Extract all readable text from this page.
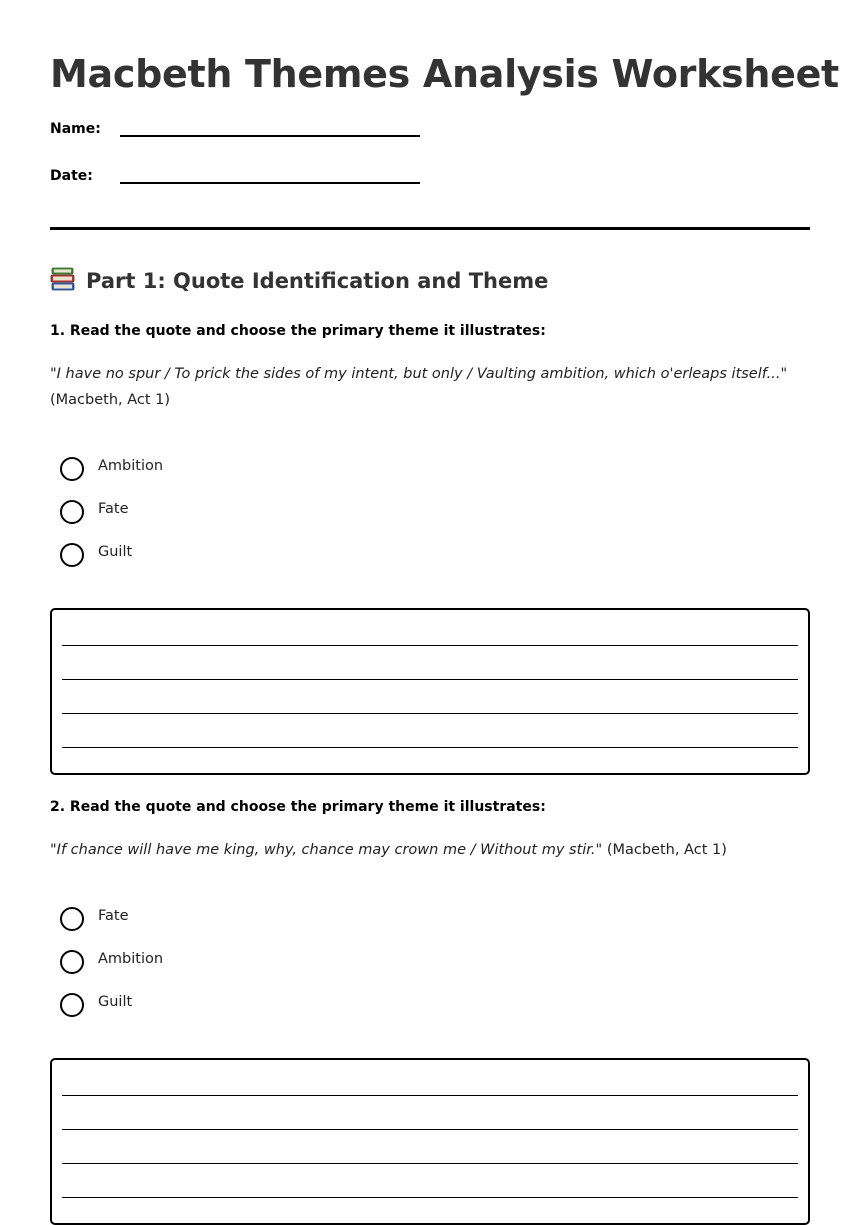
Macbeth Themes Analysis Worksheet
Name:
Date:
Part 1: Quote Identification and Theme

1. Read the quote and choose the primary theme it illustrates:

"I have no spur / To prick the sides of my intent, but only / Vaulting ambition, which o'erleaps itself..."
(Macbeth, Act 1)

Ambition
Fate
Guilt

2. Read the quote and choose the primary theme it illustrates:

"If chance will have me king, why, chance may crown me / Without my stir." (Macbeth, Act 1)

Fate
Ambition
Guilt
